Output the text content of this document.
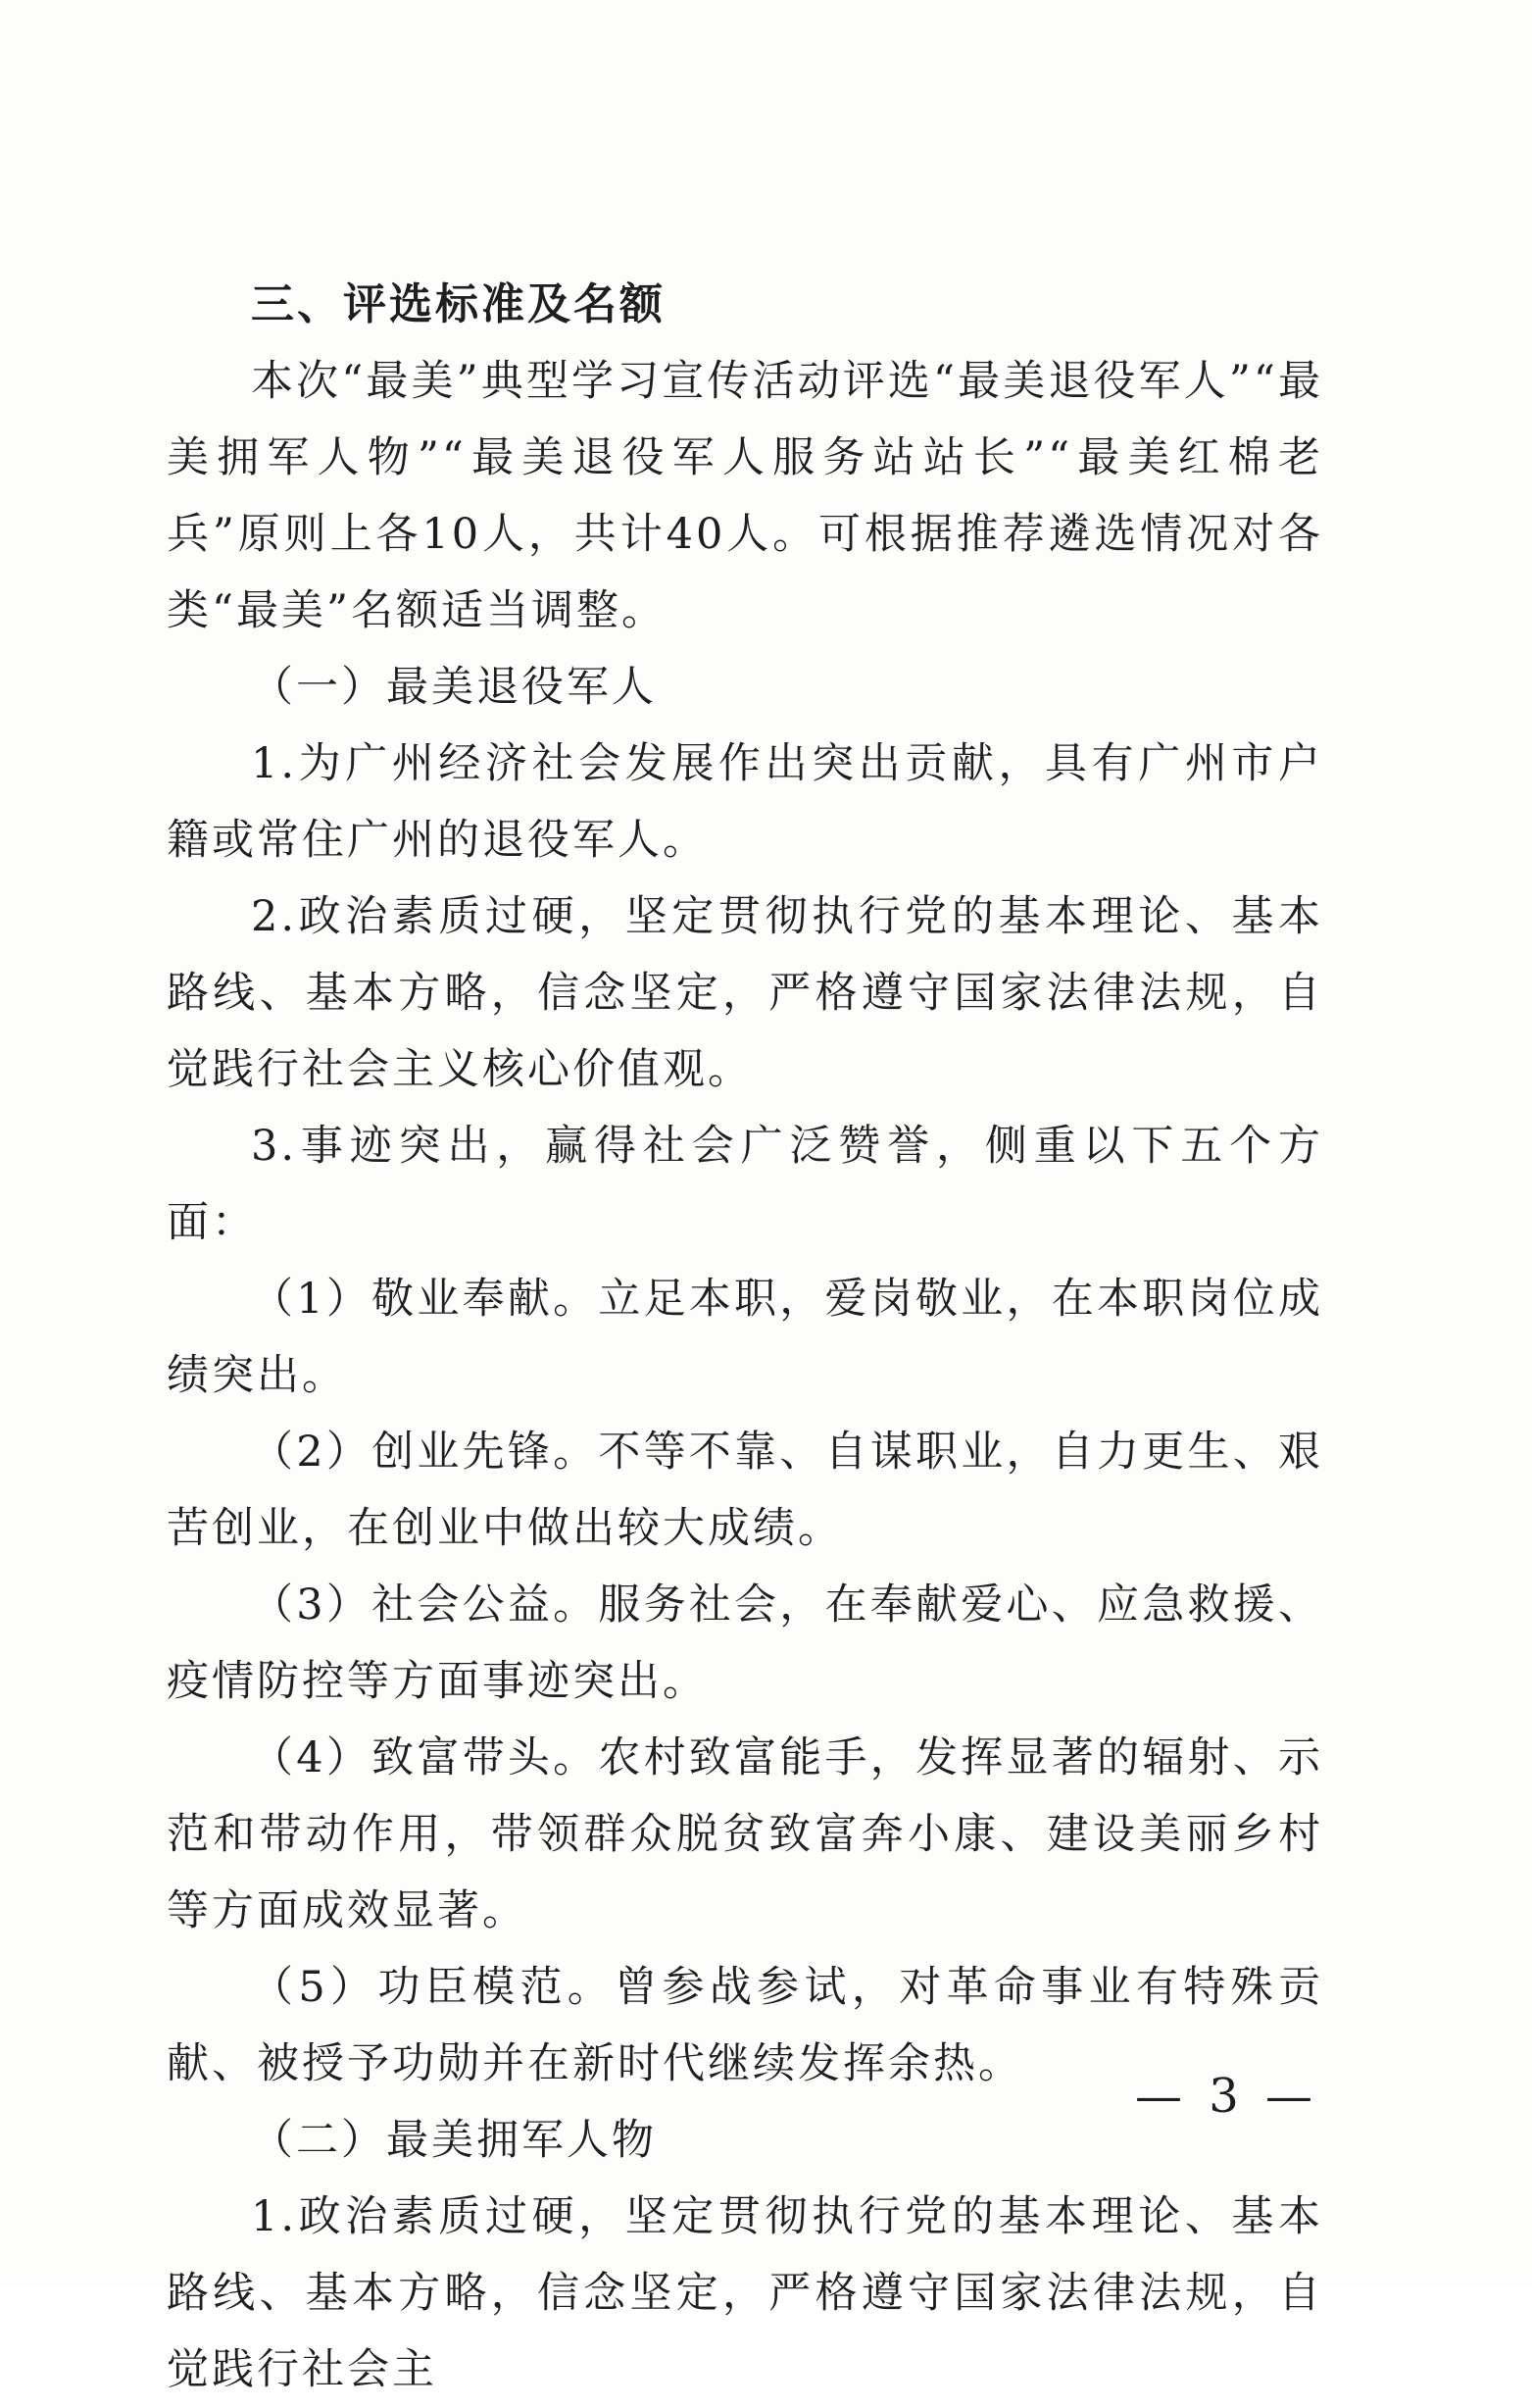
三、评选标准及名额

本次“最美”典型学习宣传活动评选“最美退役军人”“最美拥军人物”“最美退役军人服务站站长”“最美红棉老兵”原则上各10人，共计40人。可根据推荐遴选情况对各类“最美”名额适当调整。

（一）最美退役军人

1.为广州经济社会发展作出突出贡献，具有广州市户籍或常住广州的退役军人。

2.政治素质过硬，坚定贯彻执行党的基本理论、基本路线、基本方略，信念坚定，严格遵守国家法律法规，自觉践行社会主义核心价值观。

3.事迹突出，赢得社会广泛赞誉，侧重以下五个方面：

（1）敬业奉献。立足本职，爱岗敬业，在本职岗位成绩突出。

（2）创业先锋。不等不靠、自谋职业，自力更生、艰苦创业，在创业中做出较大成绩。

（3）社会公益。服务社会，在奉献爱心、应急救援、疫情防控等方面事迹突出。

（4）致富带头。农村致富能手，发挥显著的辐射、示范和带动作用，带领群众脱贫致富奔小康、建设美丽乡村等方面成效显著。

（5）功臣模范。曾参战参试，对革命事业有特殊贡献、被授予功勋并在新时代继续发挥余热。

（二）最美拥军人物

1.政治素质过硬，坚定贯彻执行党的基本理论、基本路线、基本方略，信念坚定，严格遵守国家法律法规，自觉践行社会主

— 3 —
